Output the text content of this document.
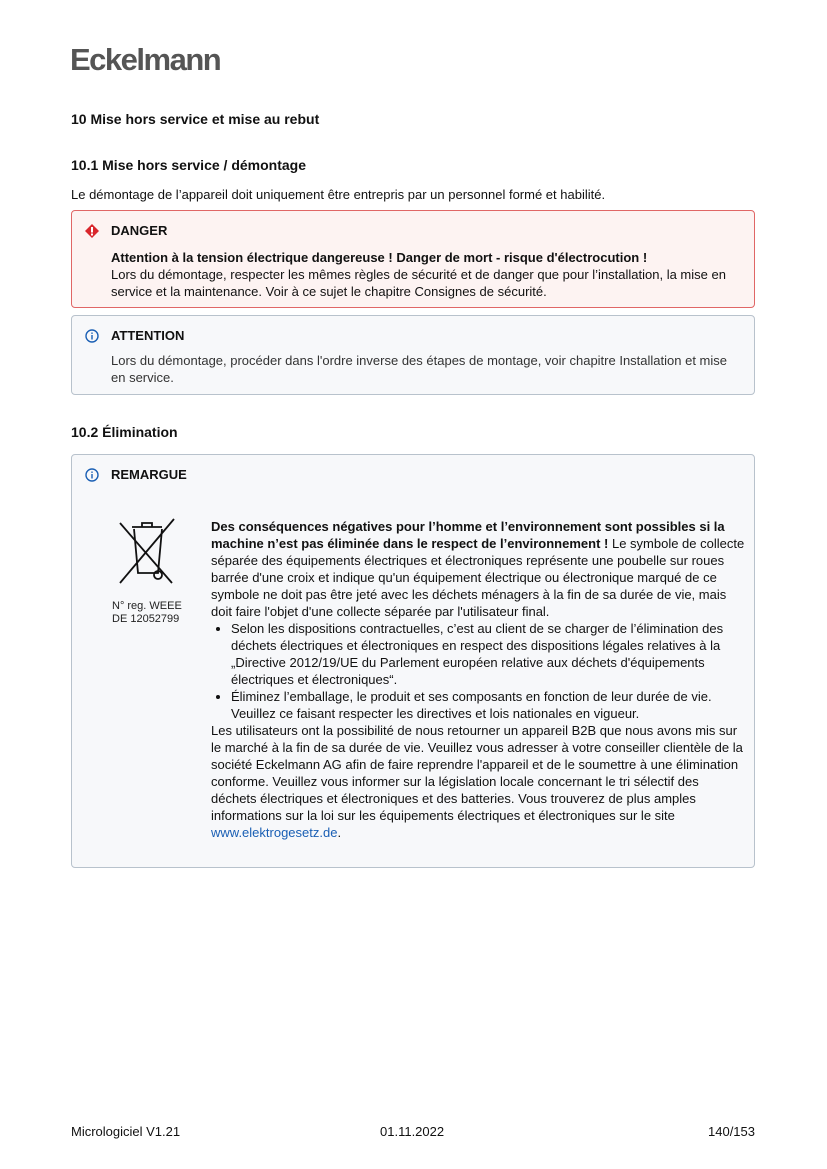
Eckelmann
10 Mise hors service et mise au rebut
10.1 Mise hors service / démontage
Le démontage de l’appareil doit uniquement être entrepris par un personnel formé et habilité.
DANGER
Attention à la tension électrique dangereuse ! Danger de mort - risque d'électrocution !
Lors du démontage, respecter les mêmes règles de sécurité et de danger que pour l’installation, la mise en service et la maintenance. Voir à ce sujet le chapitre Consignes de sécurité.
ATTENTION
Lors du démontage, procéder dans l'ordre inverse des étapes de montage, voir chapitre Installation et mise en service.
10.2 Élimination
REMARGUE
N° reg. WEEE
DE 12052799
Des conséquences négatives pour l’homme et l’environnement sont possibles si la machine n’est pas éliminée dans le respect de l’environnement ! Le symbole de collecte séparée des équipements électriques et électroniques représente une poubelle sur roues barrée d'une croix et indique qu'un équipement électrique ou électronique marqué de ce symbole ne doit pas être jeté avec les déchets ménagers à la fin de sa durée de vie, mais doit faire l'objet d'une collecte séparée par l'utilisateur final.
• Selon les dispositions contractuelles, c’est au client de se charger de l’élimination des déchets électriques et électroniques en respect des dispositions légales relatives à la „Directive 2012/19/UE du Parlement européen relative aux déchets d'équipements électriques et électroniques“.
• Éliminez l’emballage, le produit et ses composants en fonction de leur durée de vie. Veuillez ce faisant respecter les directives et lois nationales en vigueur.
Les utilisateurs ont la possibilité de nous retourner un appareil B2B que nous avons mis sur le marché à la fin de sa durée de vie. Veuillez vous adresser à votre conseiller clientèle de la société Eckelmann AG afin de faire reprendre l'appareil et de le soumettre à une élimination conforme. Veuillez vous informer sur la législation locale concernant le tri sélectif des déchets électriques et électroniques et des batteries. Vous trouverez de plus amples informations sur la loi sur les équipements électriques et électroniques sur le site www.elektrogesetz.de.
Micrologiciel V1.21	01.11.2022	140/153
